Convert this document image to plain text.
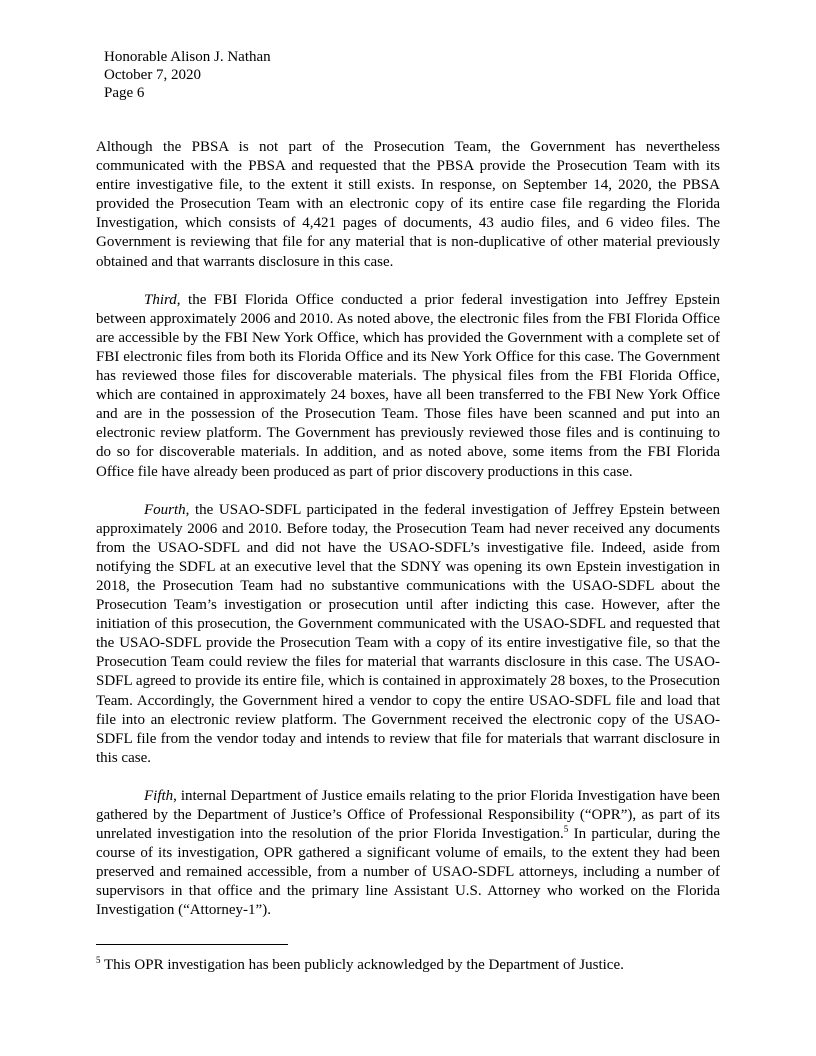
Honorable Alison J. Nathan
October 7, 2020
Page 6

Although the PBSA is not part of the Prosecution Team, the Government has nevertheless communicated with the PBSA and requested that the PBSA provide the Prosecution Team with its entire investigative file, to the extent it still exists. In response, on September 14, 2020, the PBSA provided the Prosecution Team with an electronic copy of its entire case file regarding the Florida Investigation, which consists of 4,421 pages of documents, 43 audio files, and 6 video files. The Government is reviewing that file for any material that is non-duplicative of other material previously obtained and that warrants disclosure in this case.

Third, the FBI Florida Office conducted a prior federal investigation into Jeffrey Epstein between approximately 2006 and 2010. As noted above, the electronic files from the FBI Florida Office are accessible by the FBI New York Office, which has provided the Government with a complete set of FBI electronic files from both its Florida Office and its New York Office for this case. The Government has reviewed those files for discoverable materials. The physical files from the FBI Florida Office, which are contained in approximately 24 boxes, have all been transferred to the FBI New York Office and are in the possession of the Prosecution Team. Those files have been scanned and put into an electronic review platform. The Government has previously reviewed those files and is continuing to do so for discoverable materials. In addition, and as noted above, some items from the FBI Florida Office file have already been produced as part of prior discovery productions in this case.

Fourth, the USAO-SDFL participated in the federal investigation of Jeffrey Epstein between approximately 2006 and 2010. Before today, the Prosecution Team had never received any documents from the USAO-SDFL and did not have the USAO-SDFL’s investigative file. Indeed, aside from notifying the SDFL at an executive level that the SDNY was opening its own Epstein investigation in 2018, the Prosecution Team had no substantive communications with the USAO-SDFL about the Prosecution Team’s investigation or prosecution until after indicting this case. However, after the initiation of this prosecution, the Government communicated with the USAO-SDFL and requested that the USAO-SDFL provide the Prosecution Team with a copy of its entire investigative file, so that the Prosecution Team could review the files for material that warrants disclosure in this case. The USAO-SDFL agreed to provide its entire file, which is contained in approximately 28 boxes, to the Prosecution Team. Accordingly, the Government hired a vendor to copy the entire USAO-SDFL file and load that file into an electronic review platform. The Government received the electronic copy of the USAO-SDFL file from the vendor today and intends to review that file for materials that warrant disclosure in this case.

Fifth, internal Department of Justice emails relating to the prior Florida Investigation have been gathered by the Department of Justice’s Office of Professional Responsibility (“OPR”), as part of its unrelated investigation into the resolution of the prior Florida Investigation.$^5$ In particular, during the course of its investigation, OPR gathered a significant volume of emails, to the extent they had been preserved and remained accessible, from a number of USAO-SDFL attorneys, including a number of supervisors in that office and the primary line Assistant U.S. Attorney who worked on the Florida Investigation (“Attorney-1”).

$^5$ This OPR investigation has been publicly acknowledged by the Department of Justice.
